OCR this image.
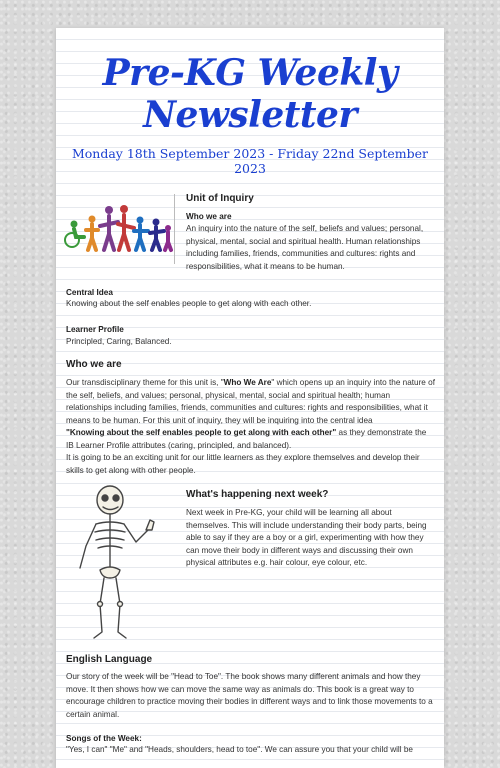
Pre-KG Weekly
Newsletter
Monday 18th September 2023 - Friday 22nd September 2023
Unit of Inquiry
Who we are
An inquiry into the nature of the self, beliefs and values; personal, physical, mental, social and spiritual health. Human relationships including families, friends, communities and cultures: rights and responsibilities, what it means to be human.
Central Idea
Knowing about the self enables people to get along with each other.
Learner Profile
Principled, Caring, Balanced.
Who we are
Our transdisciplinary theme for this unit is, "Who We Are" which opens up an inquiry into the nature of the self, beliefs, and values; personal, physical, mental, social and spiritual health; human relationships including families, friends, communities and cultures: rights and responsibilities, what it means to be human. For this unit of inquiry, they will be inquiring into the central idea
"Knowing about the self enables people to get along with each other" as they demonstrate the IB Learner Profile attributes (caring, principled, and balanced).
It is going to be an exciting unit for our little learners as they explore themselves and develop their skills to get along with other people.
What's happening next week?
Next week in Pre-KG, your child will be learning all about themselves. This will include understanding their body parts, being able to say if they are a boy or a girl, experimenting with how they can move their body in different ways and discussing their own physical attributes e.g. hair colour, eye colour, etc.
English Language
Our story of the week will be "Head to Toe". The book shows many different animals and how they move. It then shows how we can move the same way as animals do. This book is a great way to encourage children to practice moving their bodies in different ways and to link those movements to a certain animal.
Songs of the Week:
"Yes, I can" "Me" and "Heads, shoulders, head to toe". We can assure you that your child will be
